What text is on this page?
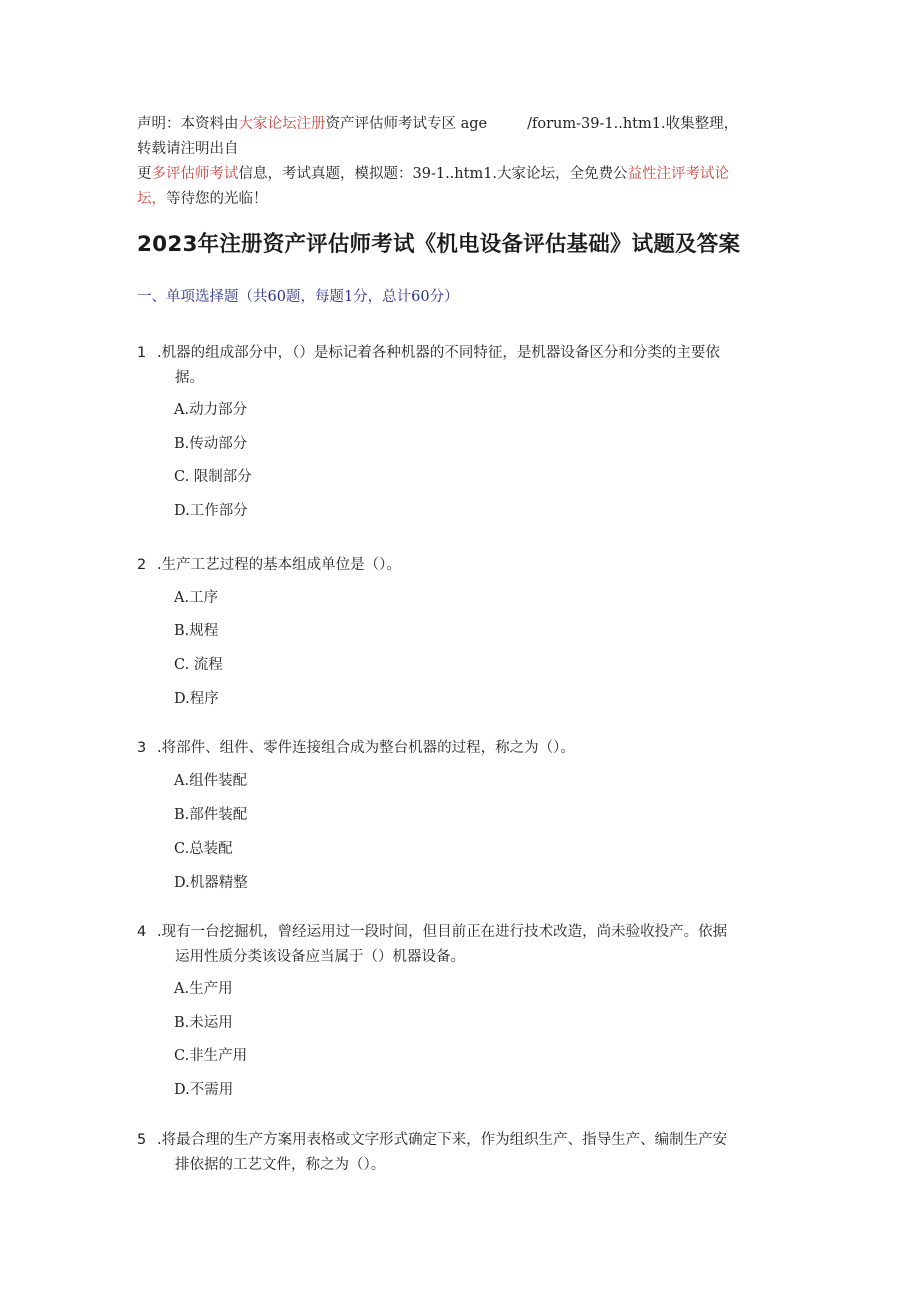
声明：本资料由大家论坛注册资产评估师考试专区 age	/forum-39-1..htm1.收集整理，
转载请注明出自
更多评估师考试信息，考试真题，模拟题：39-1..htm1.大家论坛，全免费公益性注评考试论
坛，等待您的光临！
2023年注册资产评估师考试《机电设备评估基础》试题及答案
一、单项选择题（共60题，每题1分，总计60分）
1 .机器的组成部分中，（）是标记着各种机器的不同特征，是机器设备区分和分类的主要依
据。
A.动力部分
B.传动部分
C. 限制部分
D.工作部分
2 .生产工艺过程的基本组成单位是（）。
A.工序
B.规程
C. 流程
D.程序
3 .将部件、组件、零件连接组合成为整台机器的过程，称之为（）。
A.组件装配
B.部件装配
C.总装配
D.机器精整
4 .现有一台挖掘机，曾经运用过一段时间，但目前正在进行技术改造，尚未验收投产。依据
运用性质分类该设备应当属于（）机器设备。
A.生产用
B.未运用
C.非生产用
D.不需用
5 .将最合理的生产方案用表格或文字形式确定下来，作为组织生产、指导生产、编制生产安
排依据的工艺文件，称之为（）。
